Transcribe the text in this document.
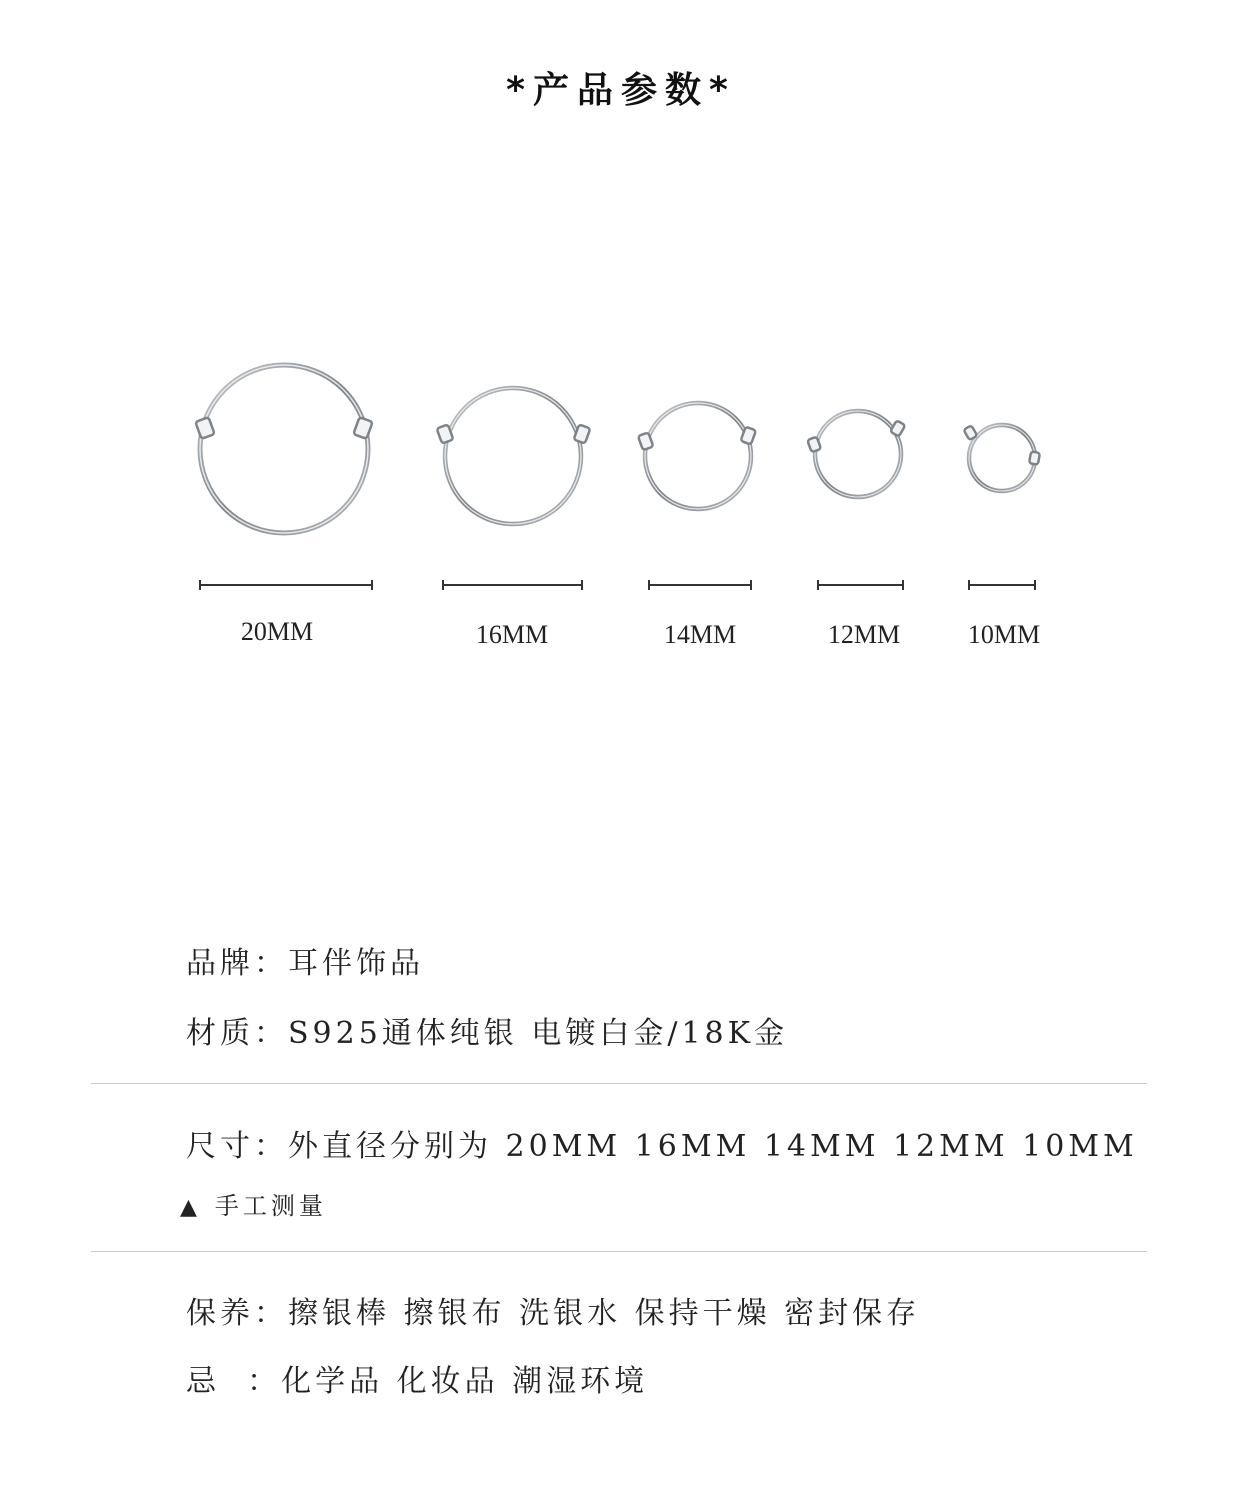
*产品参数*
20MM	16MM	14MM	12MM	10MM
品牌：耳伴饰品
材质：S925通体纯银 电镀白金/18K金
尺寸：外直径分别为 20MM 16MM 14MM 12MM 10MM
▲ 手工测量
保养：擦银棒 擦银布 洗银水 保持干燥 密封保存
忌  ：化学品 化妆品 潮湿环境
